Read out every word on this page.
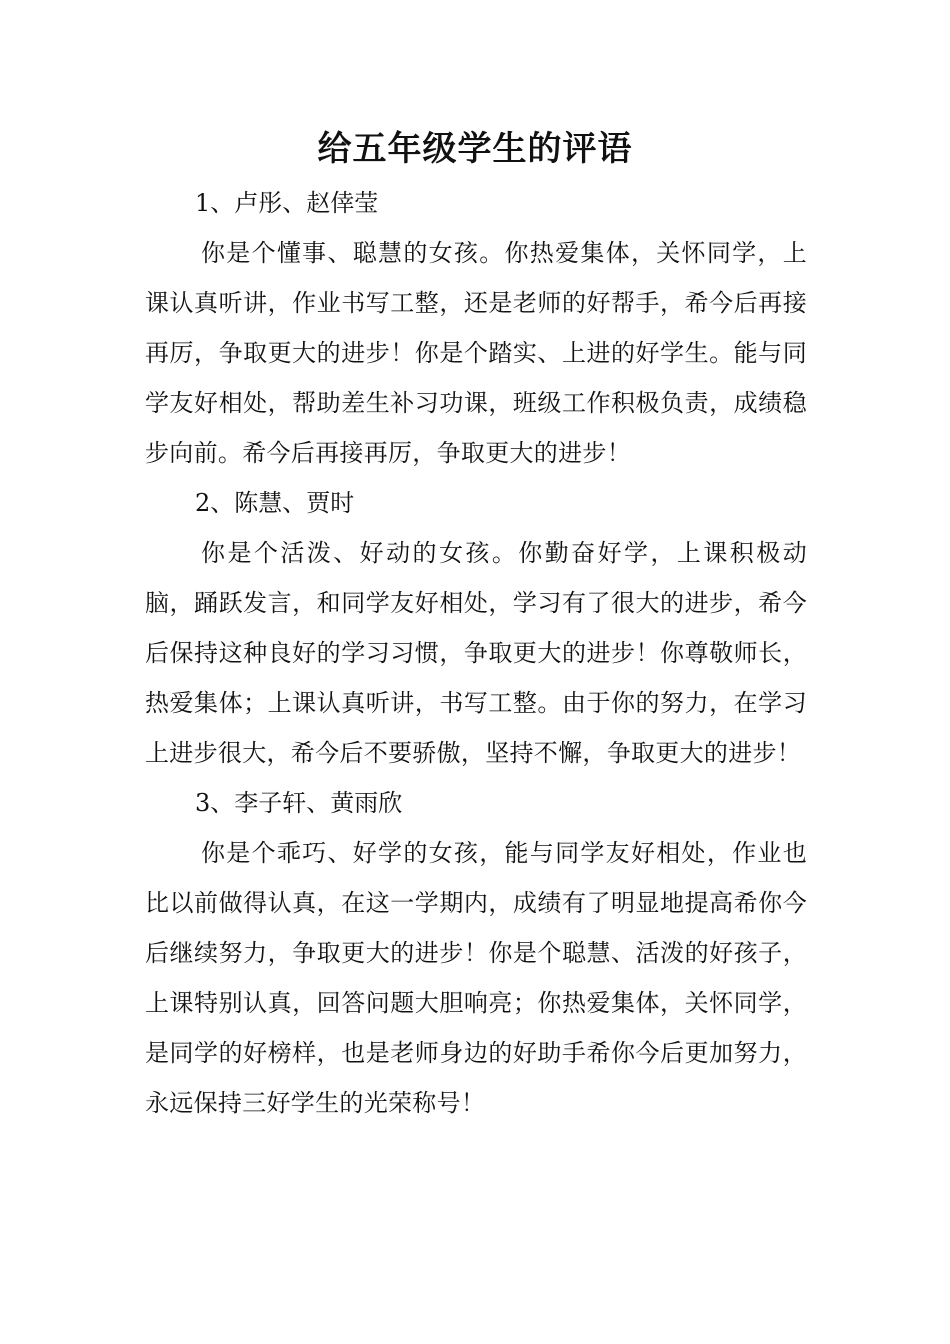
给五年级学生的评语

1、卢彤、赵倖莹

你是个懂事、聪慧的女孩。你热爱集体，关怀同学，上课认真听讲，作业书写工整，还是老师的好帮手，希今后再接再厉，争取更大的进步！你是个踏实、上进的好学生。能与同学友好相处，帮助差生补习功课，班级工作积极负责，成绩稳步向前。希今后再接再厉，争取更大的进步！

2、陈慧、贾时

你是个活泼、好动的女孩。你勤奋好学，上课积极动脑，踊跃发言，和同学友好相处，学习有了很大的进步，希今后保持这种良好的学习习惯，争取更大的进步！你尊敬师长，热爱集体；上课认真听讲，书写工整。由于你的努力，在学习上进步很大，希今后不要骄傲，坚持不懈，争取更大的进步！

3、李子轩、黄雨欣

你是个乖巧、好学的女孩，能与同学友好相处，作业也比以前做得认真，在这一学期内，成绩有了明显地提高希你今后继续努力，争取更大的进步！你是个聪慧、活泼的好孩子，上课特别认真，回答问题大胆响亮；你热爱集体，关怀同学，是同学的好榜样，也是老师身边的好助手希你今后更加努力，永远保持三好学生的光荣称号！
